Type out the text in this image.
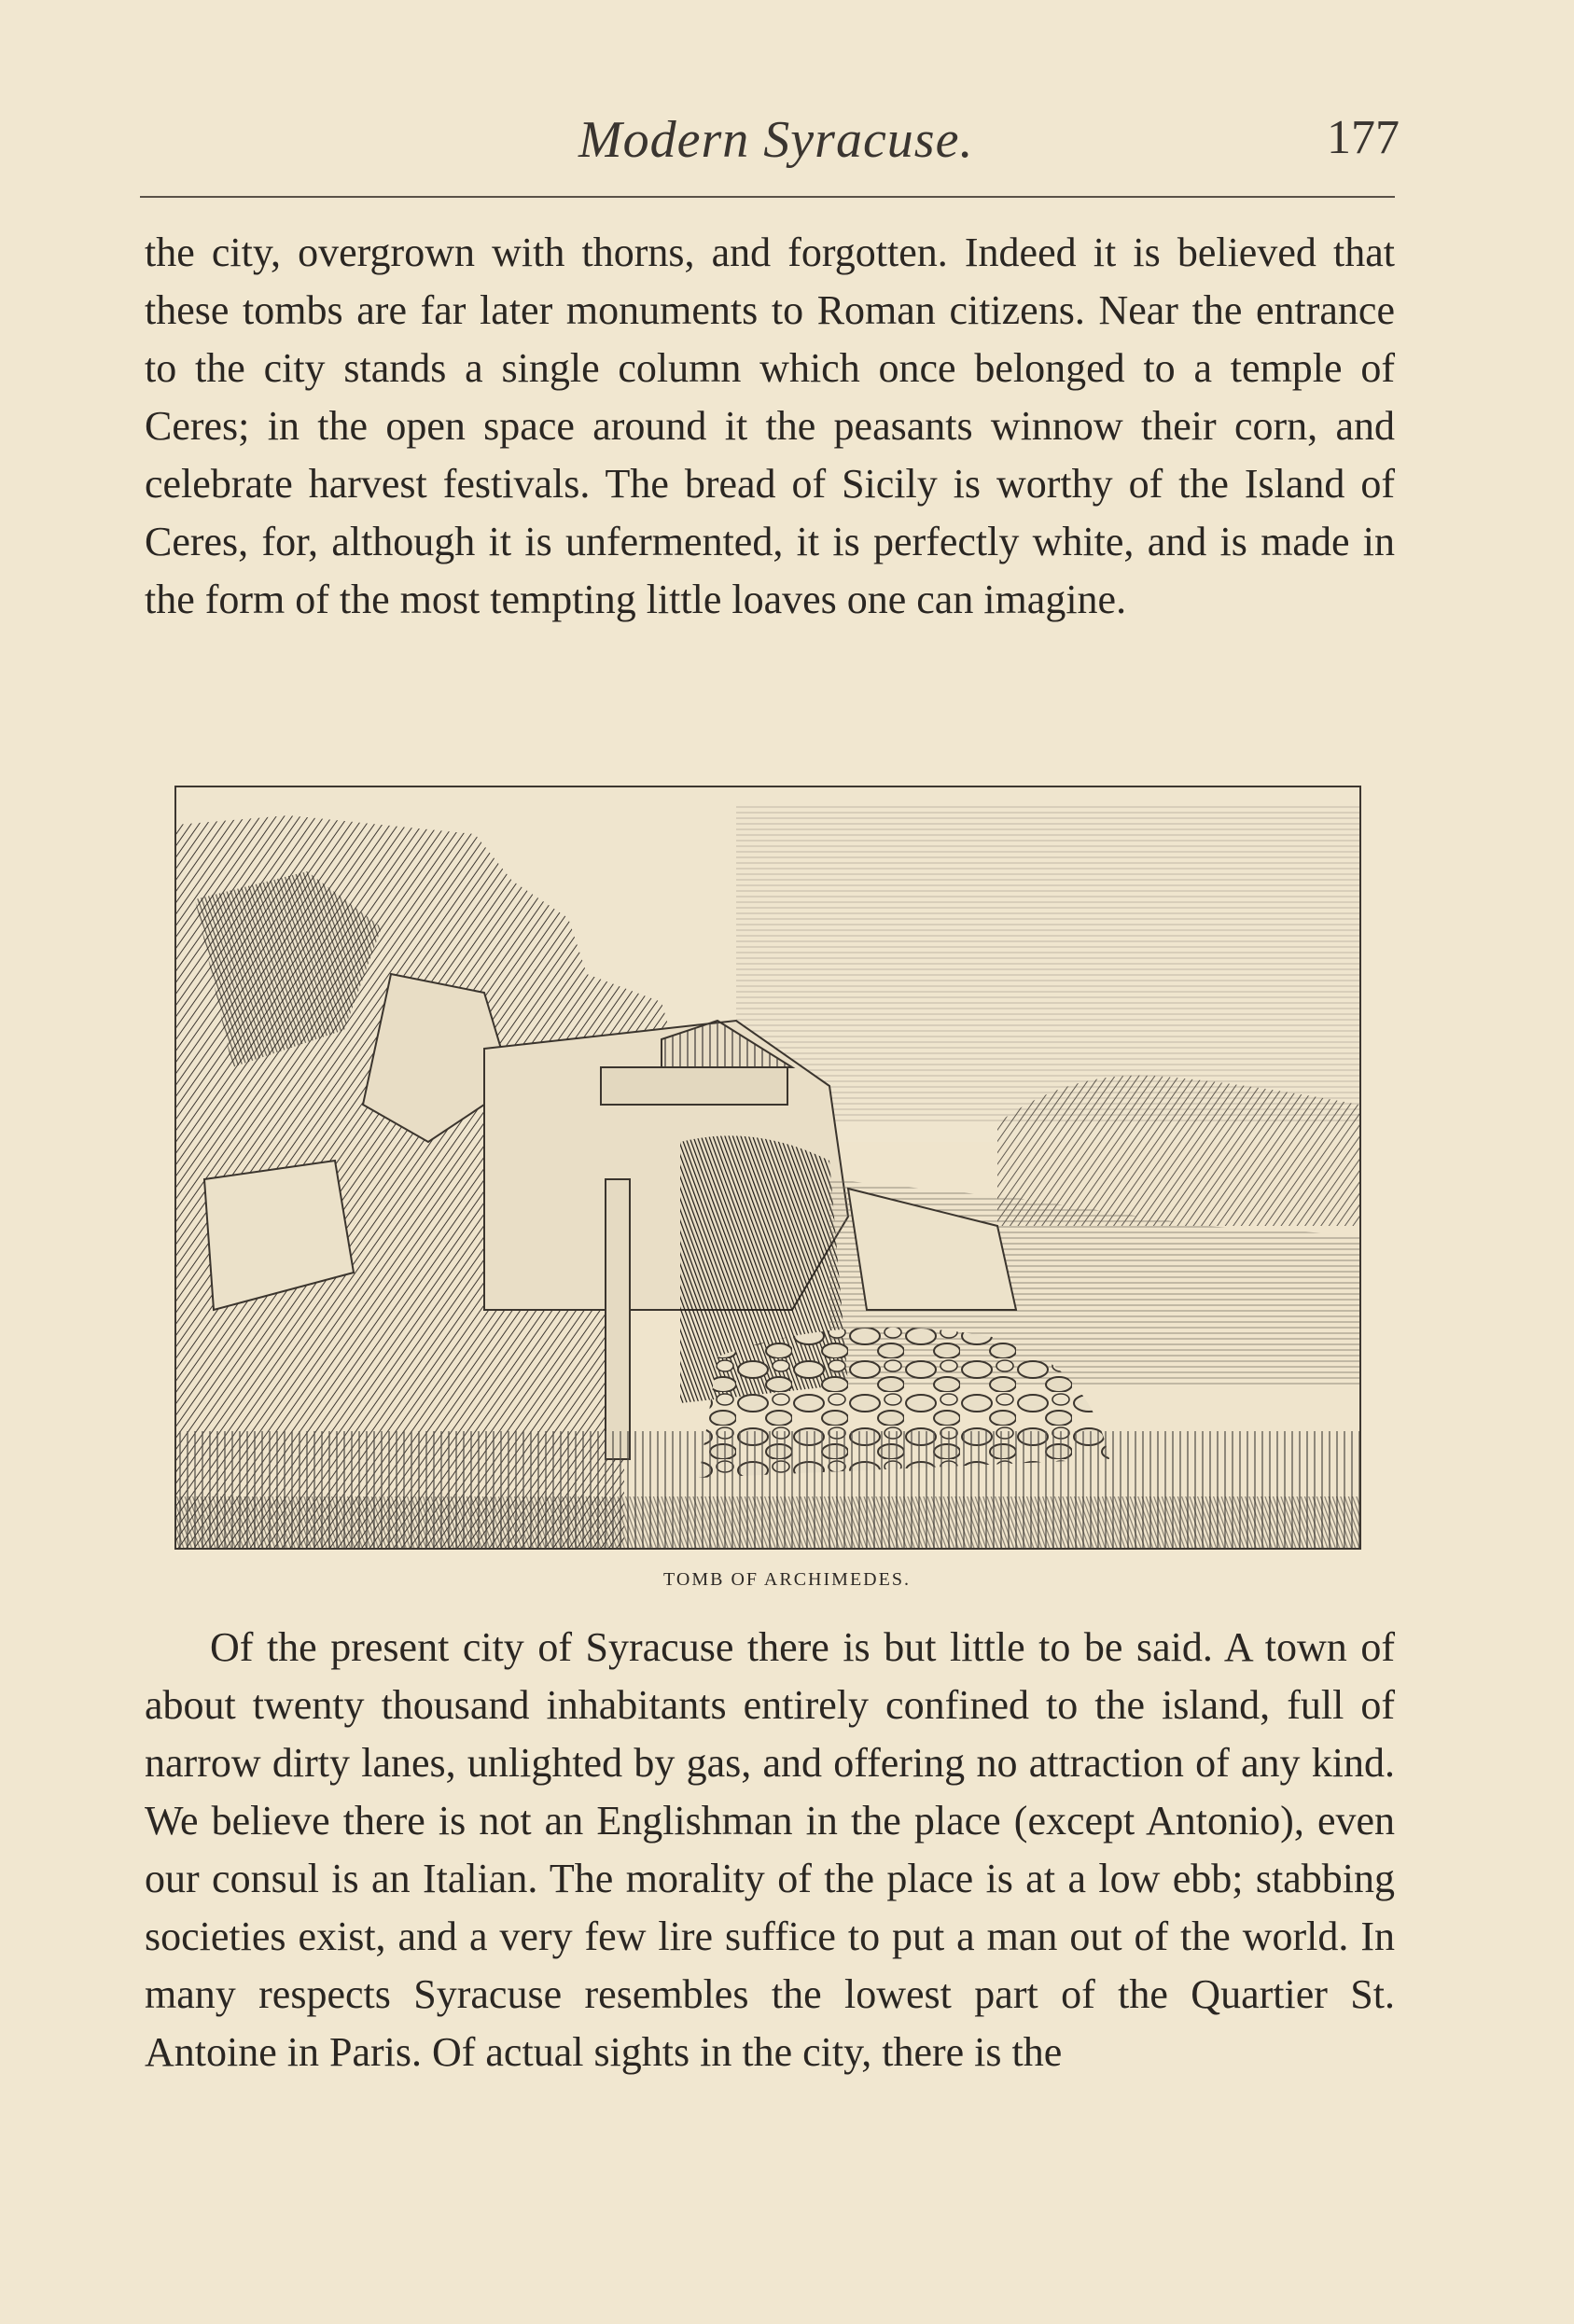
Modern Syracuse.	177

the city, overgrown with thorns, and forgotten. Indeed it is believed that these tombs are far later monuments to Roman citizens. Near the entrance to the city stands a single column which once belonged to a temple of Ceres; in the open space around it the peasants winnow their corn, and celebrate harvest festivals. The bread of Sicily is worthy of the Island of Ceres, for, although it is unfermented, it is perfectly white, and is made in the form of the most tempting little loaves one can imagine.

TOMB OF ARCHIMEDES.

Of the present city of Syracuse there is but little to be said. A town of about twenty thousand inhabitants entirely confined to the island, full of narrow dirty lanes, unlighted by gas, and offering no attraction of any kind. We believe there is not an Englishman in the place (except Antonio), even our consul is an Italian. The morality of the place is at a low ebb; stabbing societies exist, and a very few lire suffice to put a man out of the world. In many respects Syracuse resembles the lowest part of the Quartier St. Antoine in Paris. Of actual sights in the city, there is the
